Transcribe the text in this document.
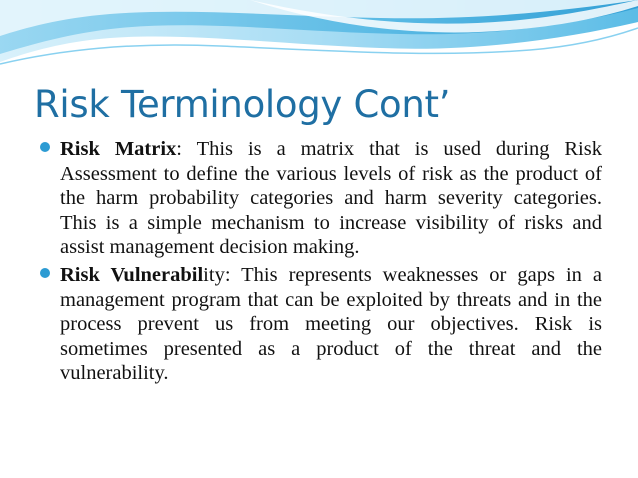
Risk Terminology Cont’
Risk Matrix: This is a matrix that is used during Risk Assessment to define the various levels of risk as the product of the harm probability categories and harm severity categories. This is a simple mechanism to increase visibility of risks and assist management decision making.
Risk Vulnerability: This represents weaknesses or gaps in a management program that can be exploited by threats and in the process prevent us from meeting our objectives. Risk is sometimes presented as a product of the threat and the vulnerability.
